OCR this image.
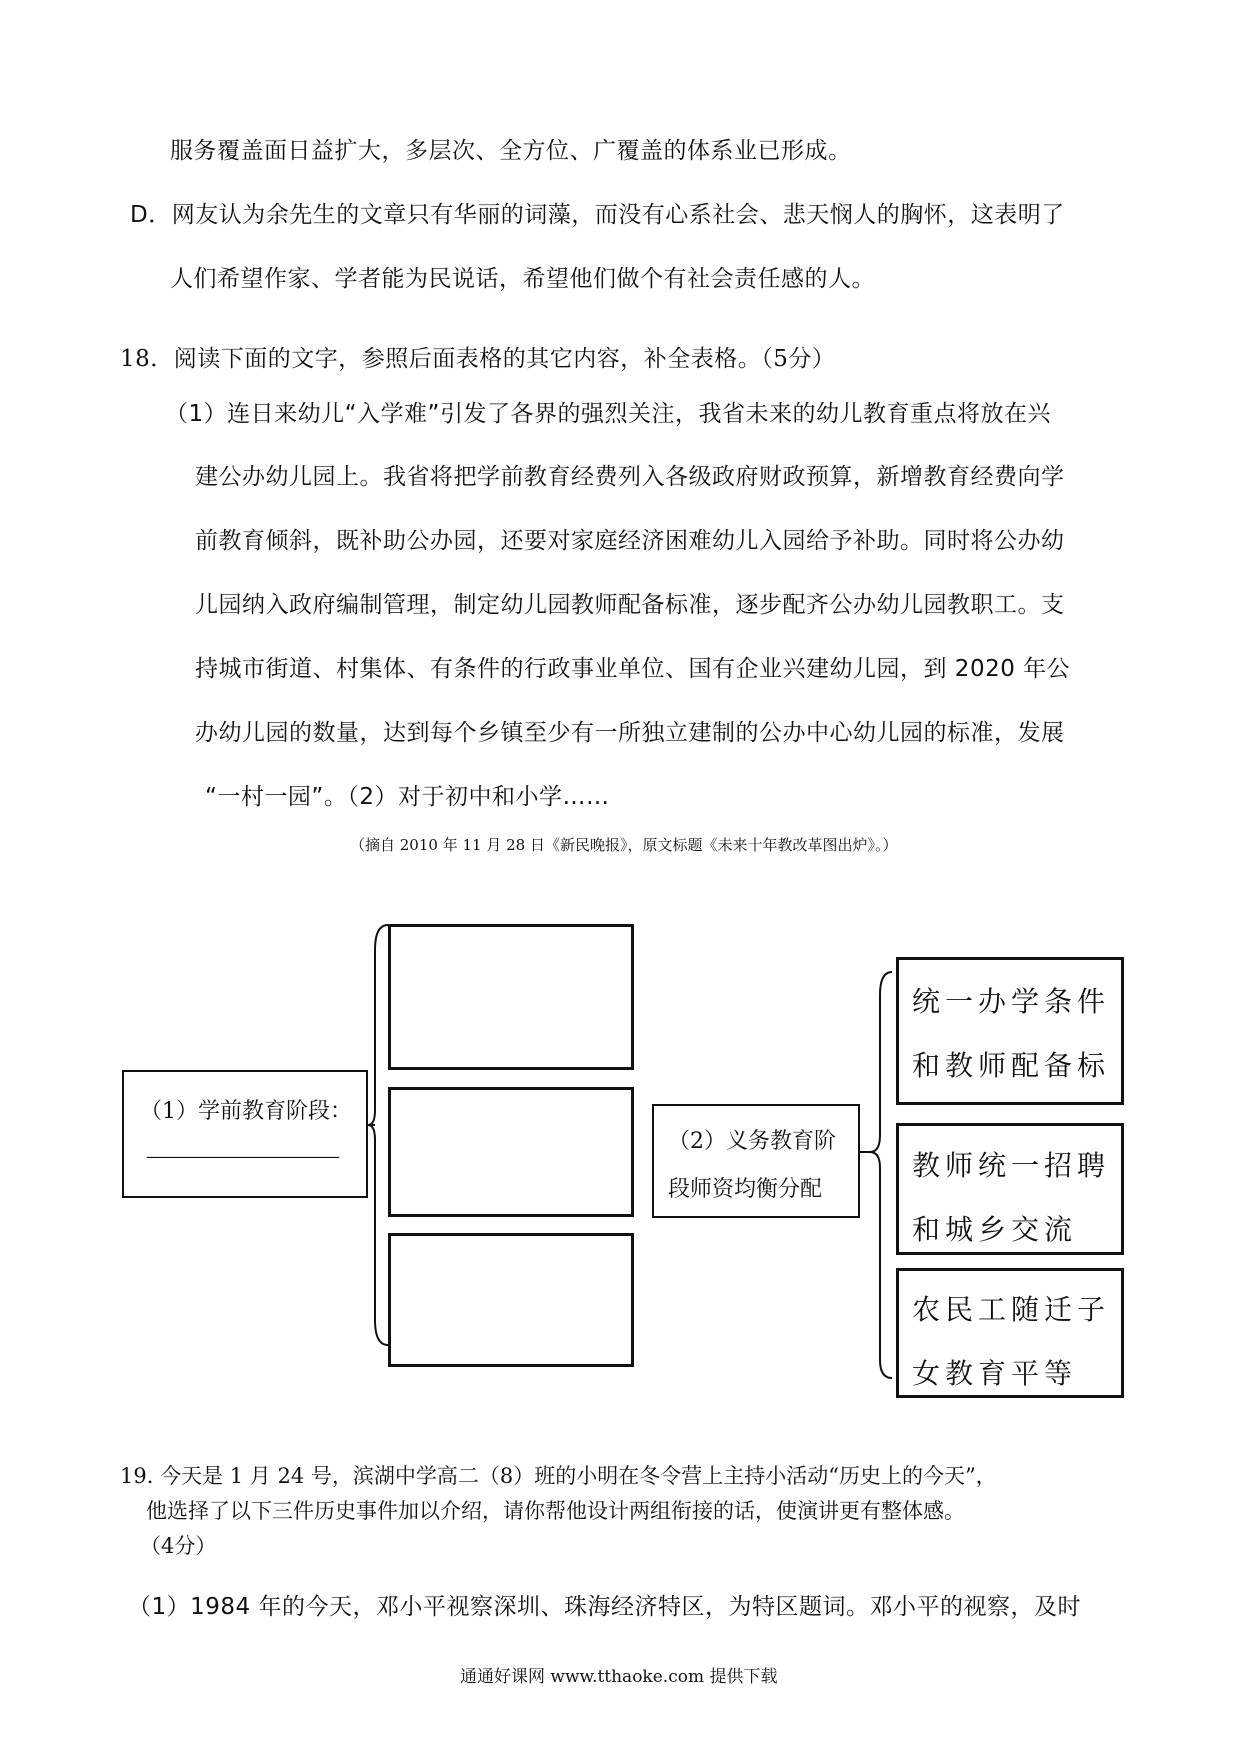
服务覆盖面日益扩大，多层次、全方位、广覆盖的体系业已形成。
D．网友认为余先生的文章只有华丽的词藻，而没有心系社会、悲天悯人的胸怀，这表明了
人们希望作家、学者能为民说话，希望他们做个有社会责任感的人。
18．阅读下面的文字，参照后面表格的其它内容，补全表格。（5分）
（1）连日来幼儿“入学难”引发了各界的强烈关注，我省未来的幼儿教育重点将放在兴
建公办幼儿园上。我省将把学前教育经费列入各级政府财政预算，新增教育经费向学
前教育倾斜，既补助公办园，还要对家庭经济困难幼儿入园给予补助。同时将公办幼
儿园纳入政府编制管理，制定幼儿园教师配备标准，逐步配齐公办幼儿园教职工。支
持城市街道、村集体、有条件的行政事业单位、国有企业兴建幼儿园，到 2020 年公
办幼儿园的数量，达到每个乡镇至少有一所独立建制的公办中心幼儿园的标准，发展
“一村一园”。（2）对于初中和小学……
（摘自 2010 年 11 月 28 日《新民晚报》，原文标题《未来十年教改革图出炉》。）
（1）学前教育阶段：
————————————
（2）义务教育阶
段师资均衡分配
统一办学条件
和教师配备标
教师统一招聘
和城乡交流
农民工随迁子
女教育平等
19. 今天是 1 月 24 号，滨湖中学高二（8）班的小明在冬令营上主持小活动“历史上的今天”，
他选择了以下三件历史事件加以介绍，请你帮他设计两组衔接的话，使演讲更有整体感。
（4分）
（1）1984 年的今天，邓小平视察深圳、珠海经济特区，为特区题词。邓小平的视察，及时
通通好课网 www.tthaoke.com 提供下载
